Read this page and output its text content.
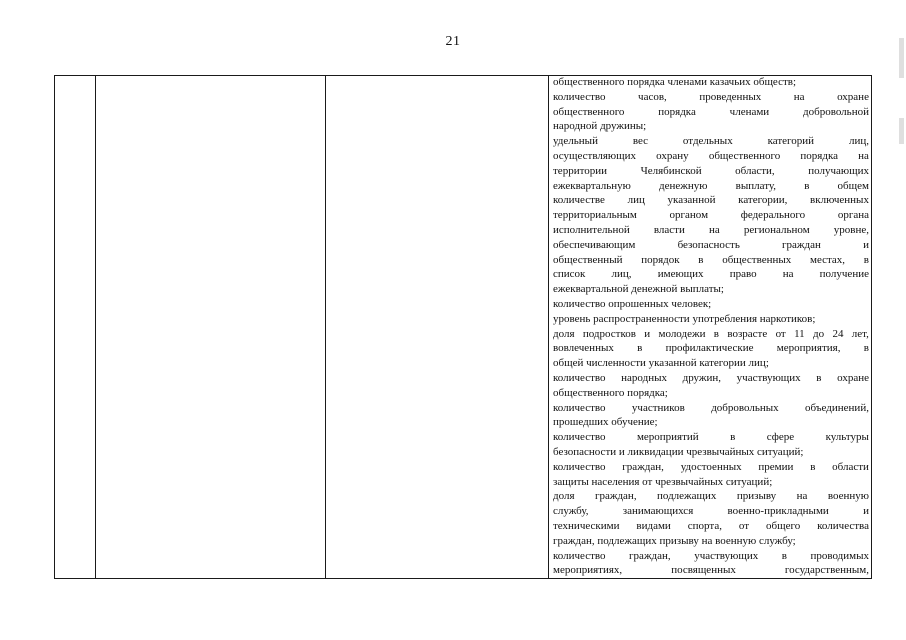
21

общественного порядка членами казачьих обществ;
количество	часов,	проведенных	на	охране
общественного	порядка	членами	добровольной
народной дружины;
удельный	вес	отдельных	категорий	лиц,
осуществляющих охрану общественного порядка на
территории	Челябинской	области,	получающих
ежеквартальную	денежную	выплату,	в	общем
количестве лиц указанной категории, включенных
территориальным	органом	федерального	органа
исполнительной власти на региональном уровне,
обеспечивающим	безопасность	граждан	и
общественный порядок в общественных местах, в
список лиц, имеющих право на получение
ежеквартальной денежной выплаты;
количество опрошенных человек;
уровень распространенности употребления наркотиков;
доля подростков и молодежи в возрасте от 11 до 24 лет,
вовлеченных в профилактические мероприятия, в
общей численности указанной категории лиц;
количество народных дружин, участвующих в охране
общественного порядка;
количество участников добровольных объединений,
прошедших обучение;
количество	мероприятий	в	сфере	культуры
безопасности и ликвидации чрезвычайных ситуаций;
количество граждан, удостоенных премии в области
защиты населения от чрезвычайных ситуаций;
доля граждан, подлежащих призыву на военную
службу,	занимающихся	военно-прикладными	и
техническими видами спорта, от общего количества
граждан, подлежащих призыву на военную службу;
количество граждан, участвующих в проводимых
мероприятиях,	посвященных	государственным,
